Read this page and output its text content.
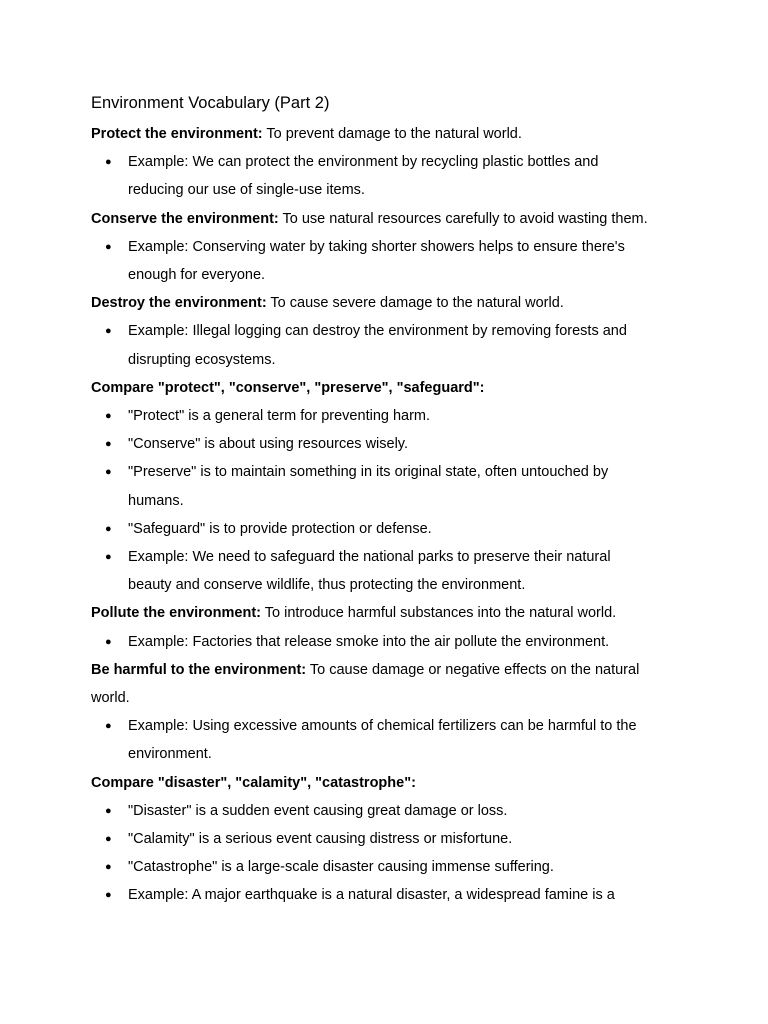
Environment Vocabulary (Part 2)
Protect the environment: To prevent damage to the natural world.
● Example: We can protect the environment by recycling plastic bottles and
reducing our use of single-use items.
Conserve the environment: To use natural resources carefully to avoid wasting them.
● Example: Conserving water by taking shorter showers helps to ensure there's
enough for everyone.
Destroy the environment: To cause severe damage to the natural world.
● Example: Illegal logging can destroy the environment by removing forests and
disrupting ecosystems.
Compare "protect", "conserve", "preserve", "safeguard":
● "Protect" is a general term for preventing harm.
● "Conserve" is about using resources wisely.
● "Preserve" is to maintain something in its original state, often untouched by
humans.
● "Safeguard" is to provide protection or defense.
● Example: We need to safeguard the national parks to preserve their natural
beauty and conserve wildlife, thus protecting the environment.
Pollute the environment: To introduce harmful substances into the natural world.
● Example: Factories that release smoke into the air pollute the environment.
Be harmful to the environment: To cause damage or negative effects on the natural
world.
● Example: Using excessive amounts of chemical fertilizers can be harmful to the
environment.
Compare "disaster", "calamity", "catastrophe":
● "Disaster" is a sudden event causing great damage or loss.
● "Calamity" is a serious event causing distress or misfortune.
● "Catastrophe" is a large-scale disaster causing immense suffering.
● Example: A major earthquake is a natural disaster, a widespread famine is a
